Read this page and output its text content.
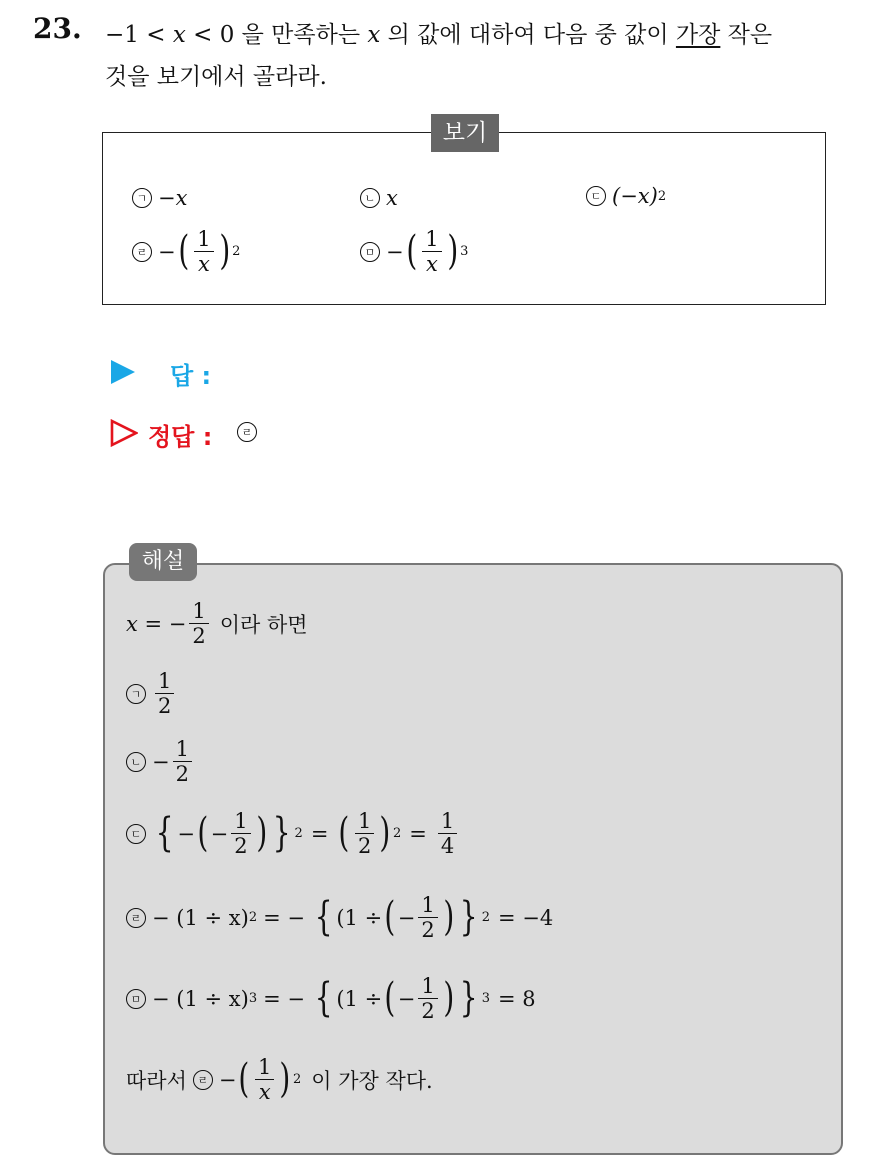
23. −1 < x < 0 을 만족하는 x 의 값에 대하여 다음 중 값이 가장 작은
것을 보기에서 골라라.
보기
ㄱ −x	ㄴ x	ㄷ (−x) 2
ㄹ − ( $\frac{1}{x}$ ) 2	ㅁ − ( $\frac{1}{x}$ ) 3
답 :
정답 :	ㄹ
해설
x = − $\frac{1}{2}$ 이라 하면
ㄱ $\frac{1}{2}$
ㄴ − $\frac{1}{2}$
ㄷ { − ( − $\frac{1}{2}$ ) } 2 = ( $\frac{1}{2}$ ) $2 = \frac{1}{4}$
ㄹ − (1 ÷ x) 2 = − { (1 ÷ ( − $\frac{1}{2}$ ) } 2 = −4
ㅁ − (1 ÷ x) 3 = − { (1 ÷ ( − $\frac{1}{2}$ ) } 3 = 8
따라서 ㄹ − ( $\frac{1}{x}$ ) 2 이 가장 작다.
